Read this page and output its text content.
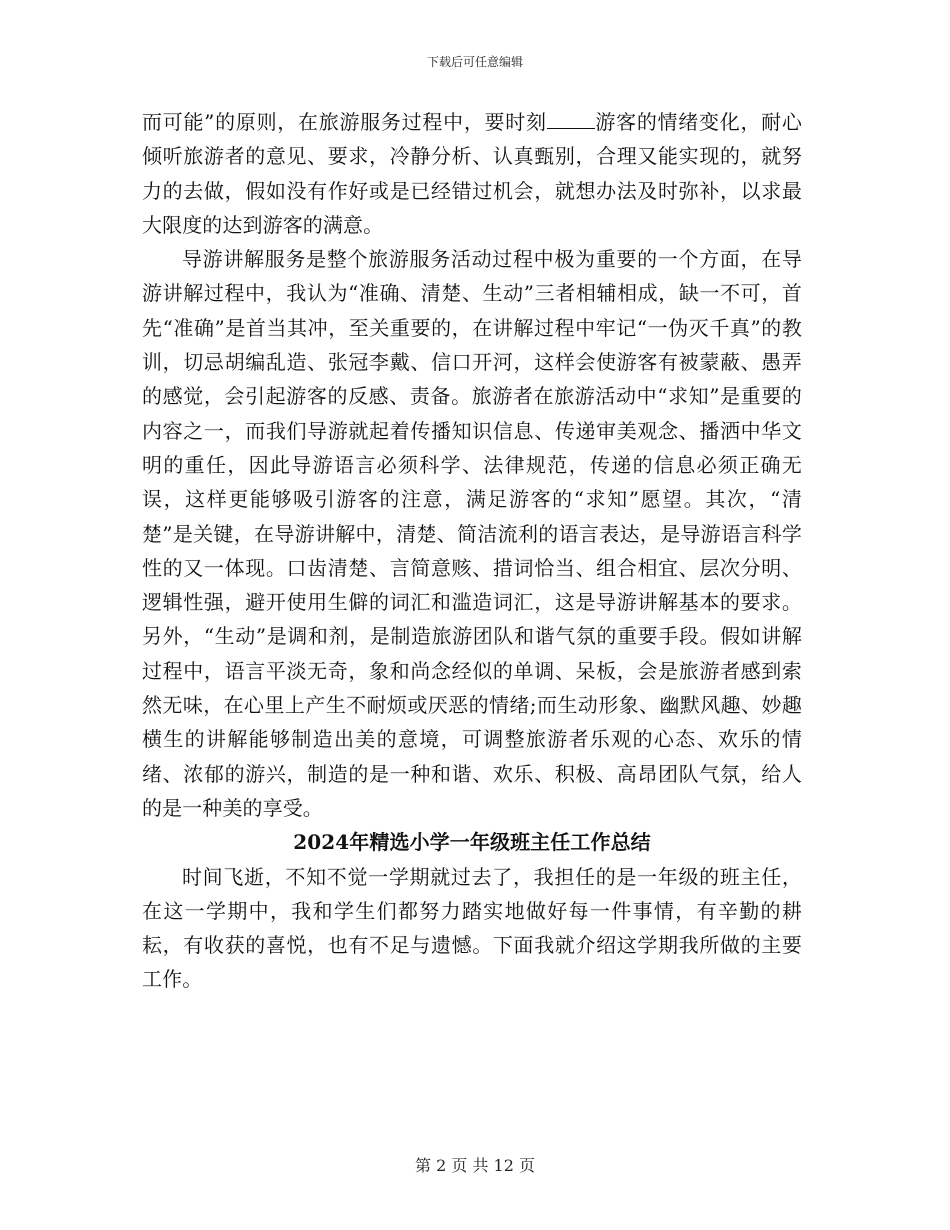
下载后可任意编辑

而可能”的原则，在旅游服务过程中，要时刻 游客的情绪变化，耐心倾听旅游者的意见、要求，冷静分析、认真甄别，合理又能实现的，就努力的去做，假如没有作好或是已经错过机会，就想办法及时弥补，以求最大限度的达到游客的满意。

导游讲解服务是整个旅游服务活动过程中极为重要的一个方面，在导游讲解过程中，我认为“准确、清楚、生动”三者相辅相成，缺一不可，首先“准确”是首当其冲，至关重要的，在讲解过程中牢记“一伪灭千真”的教训，切忌胡编乱造、张冠李戴、信口开河，这样会使游客有被蒙蔽、愚弄的感觉，会引起游客的反感、责备。旅游者在旅游活动中“求知”是重要的内容之一，而我们导游就起着传播知识信息、传递审美观念、播洒中华文明的重任，因此导游语言必须科学、法律规范，传递的信息必须正确无误，这样更能够吸引游客的注意，满足游客的“求知”愿望。其次，“清楚”是关键，在导游讲解中，清楚、简洁流利的语言表达，是导游语言科学性的又一体现。口齿清楚、言简意赅、措词恰当、组合相宜、层次分明、逻辑性强，避开使用生僻的词汇和滥造词汇，这是导游讲解基本的要求。另外，“生动”是调和剂，是制造旅游团队和谐气氛的重要手段。假如讲解过程中，语言平淡无奇，象和尚念经似的单调、呆板，会是旅游者感到索然无味，在心里上产生不耐烦或厌恶的情绪;而生动形象、幽默风趣、妙趣横生的讲解能够制造出美的意境，可调整旅游者乐观的心态、欢乐的情绪、浓郁的游兴，制造的是一种和谐、欢乐、积极、高昂团队气氛，给人的是一种美的享受。

2024年精选小学一年级班主任工作总结

时间飞逝，不知不觉一学期就过去了，我担任的是一年级的班主任，在这一学期中，我和学生们都努力踏实地做好每一件事情，有辛勤的耕耘，有收获的喜悦，也有不足与遗憾。下面我就介绍这学期我所做的主要工作。

第 2 页 共 12 页
